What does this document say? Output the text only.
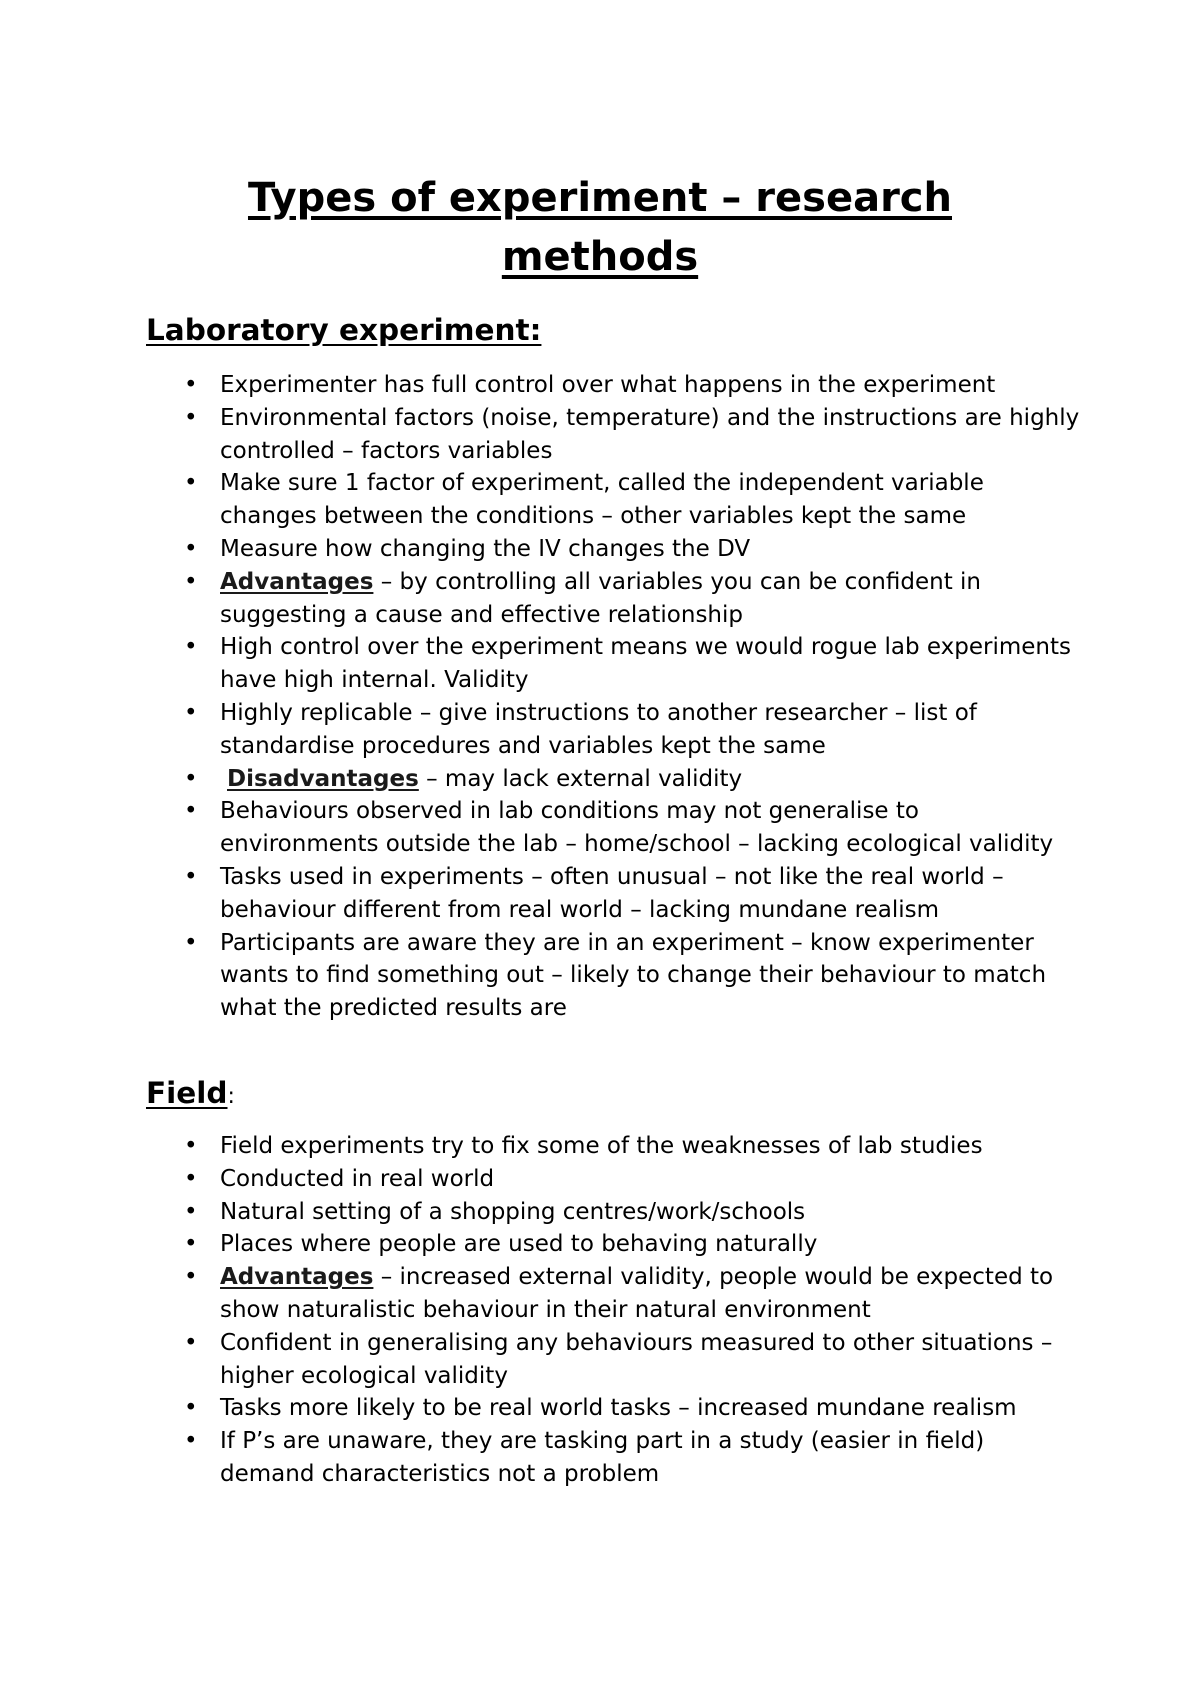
Types of experiment – research
methods
Laboratory experiment:
• Experimenter has full control over what happens in the experiment
• Environmental factors (noise, temperature) and the instructions are highly controlled – factors variables
• Make sure 1 factor of experiment, called the independent variable changes between the conditions – other variables kept the same
• Measure how changing the IV changes the DV
• Advantages – by controlling all variables you can be confident in suggesting a cause and effective relationship
• High control over the experiment means we would rogue lab experiments have high internal. Validity
• Highly replicable – give instructions to another researcher – list of standardise procedures and variables kept the same
• Disadvantages – may lack external validity
• Behaviours observed in lab conditions may not generalise to environments outside the lab – home/school – lacking ecological validity
• Tasks used in experiments – often unusual – not like the real world – behaviour different from real world – lacking mundane realism
• Participants are aware they are in an experiment – know experimenter wants to find something out – likely to change their behaviour to match what the predicted results are
Field:
• Field experiments try to fix some of the weaknesses of lab studies
• Conducted in real world
• Natural setting of a shopping centres/work/schools
• Places where people are used to behaving naturally
• Advantages – increased external validity, people would be expected to show naturalistic behaviour in their natural environment
• Confident in generalising any behaviours measured to other situations – higher ecological validity
• Tasks more likely to be real world tasks – increased mundane realism
• If P’s are unaware, they are tasking part in a study (easier in field) demand characteristics not a problem
